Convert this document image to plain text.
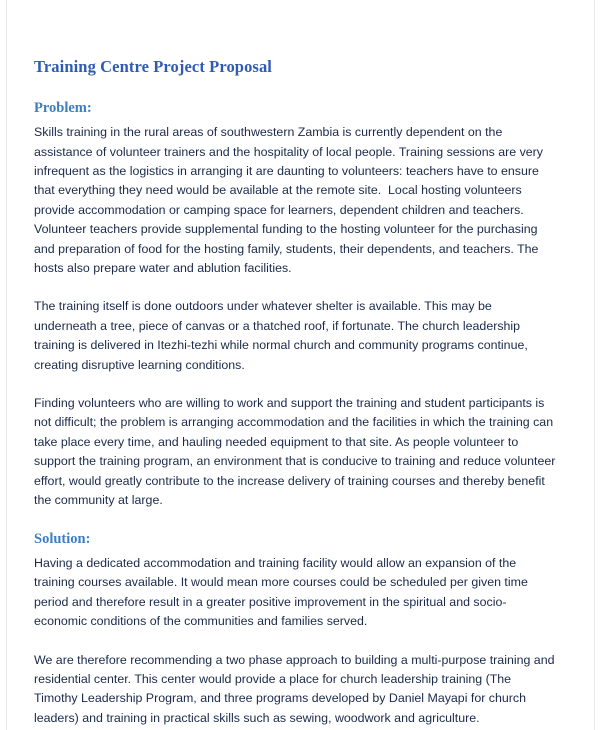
Training Centre Project Proposal
Problem:

Skills training in the rural areas of southwestern Zambia is currently dependent on the assistance of volunteer trainers and the hospitality of local people. Training sessions are very infrequent as the logistics in arranging it are daunting to volunteers: teachers have to ensure that everything they need would be available at the remote site.  Local hosting volunteers  provide accommodation or camping space for learners, dependent children and teachers. Volunteer teachers provide supplemental funding to the hosting volunteer for the purchasing and preparation of food for the hosting family, students, their dependents, and teachers. The hosts also prepare water and ablution facilities.

The training itself is done outdoors under whatever shelter is available. This may be underneath a tree, piece of canvas or a thatched roof, if fortunate. The church leadership training is delivered in Itezhi-tezhi while normal church and community programs continue, creating disruptive learning conditions.

Finding volunteers who are willing to work and support the training and student participants is not difficult; the problem is arranging accommodation and the facilities in which the training can take place every time, and hauling needed equipment to that site. As people volunteer to support the training program, an environment that is conducive to training and reduce volunteer effort, would greatly contribute to the increase delivery of training courses and thereby benefit the community at large.

Solution:

Having a dedicated accommodation and training facility would allow an expansion of the training courses available. It would mean more courses could be scheduled per given time period and therefore result in a greater positive improvement in the spiritual and socio-economic conditions of the communities and families served.

We are therefore recommending a two phase approach to building a multi-purpose training and residential center. This center would provide a place for church leadership training (The Timothy Leadership Program, and three programs developed by Daniel Mayapi for church leaders) and training in practical skills such as sewing, woodwork and agriculture.
